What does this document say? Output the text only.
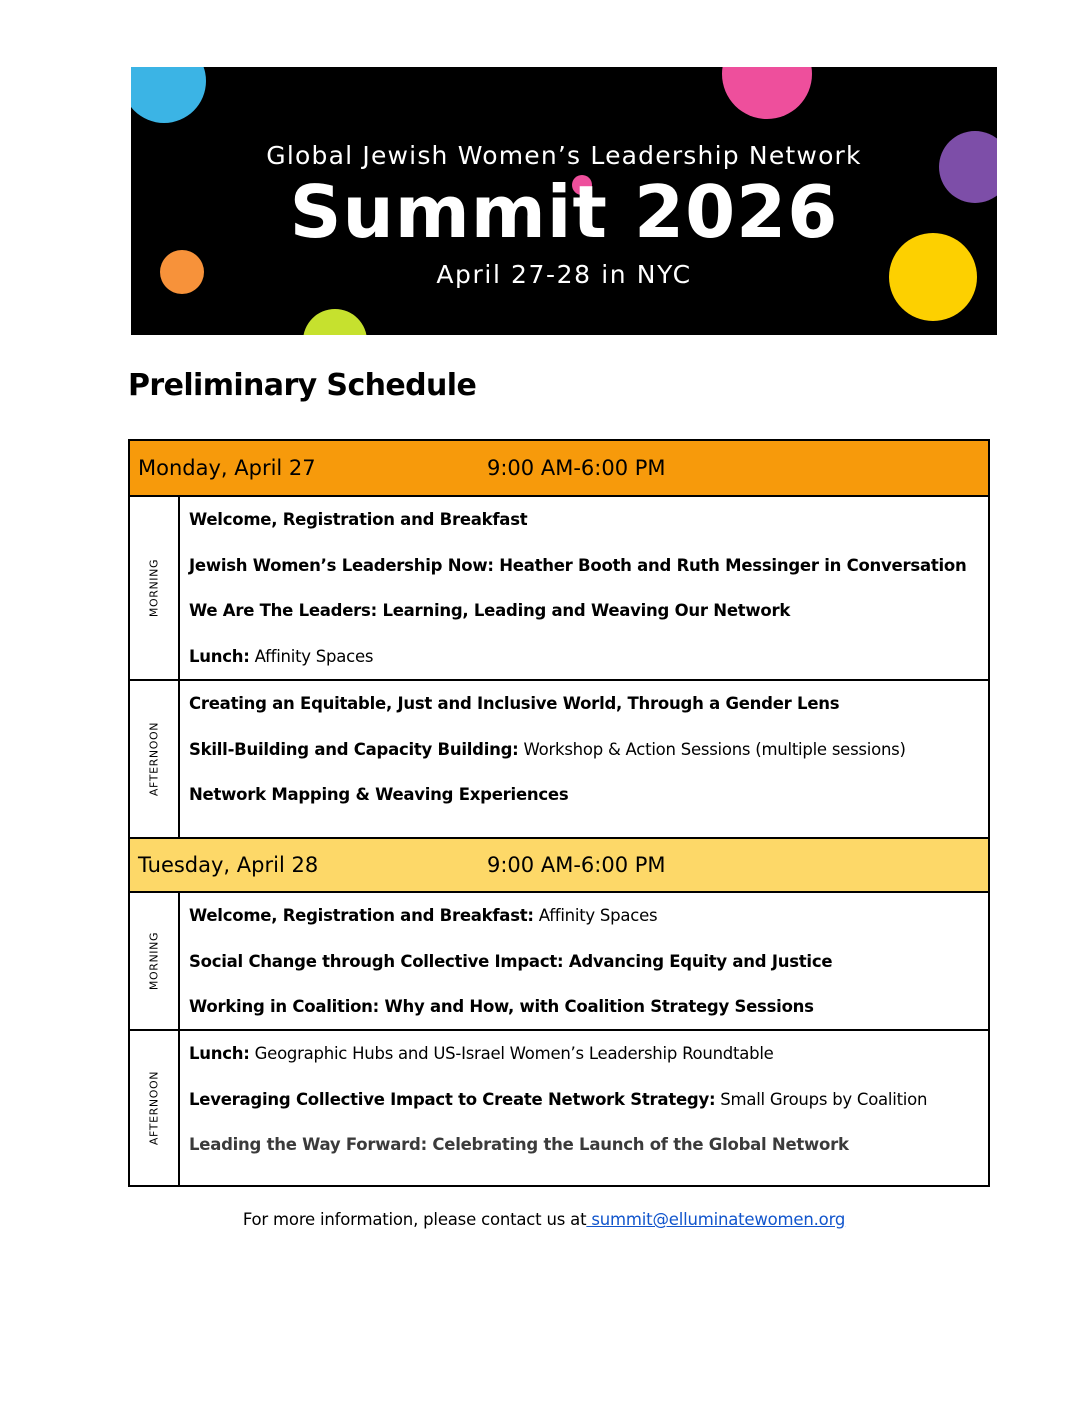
Global Jewish Women’s Leadership Network
Summit 2026
April 27-28 in NYC
Preliminary Schedule
Monday, April 27	9:00 AM-6:00 PM
MORNING
Welcome, Registration and Breakfast
Jewish Women’s Leadership Now: Heather Booth and Ruth Messinger in Conversation
We Are The Leaders: Learning, Leading and Weaving Our Network
Lunch: Affinity Spaces
AFTERNOON
Creating an Equitable, Just and Inclusive World, Through a Gender Lens
Skill-Building and Capacity Building: Workshop & Action Sessions (multiple sessions)
Network Mapping & Weaving Experiences
Tuesday, April 28	9:00 AM-6:00 PM
MORNING
Welcome, Registration and Breakfast: Affinity Spaces
Social Change through Collective Impact: Advancing Equity and Justice
Working in Coalition: Why and How, with Coalition Strategy Sessions
AFTERNOON
Lunch: Geographic Hubs and US-Israel Women’s Leadership Roundtable
Leveraging Collective Impact to Create Network Strategy: Small Groups by Coalition
Leading the Way Forward: Celebrating the Launch of the Global Network
For more information, please contact us at summit@elluminatewomen.org
